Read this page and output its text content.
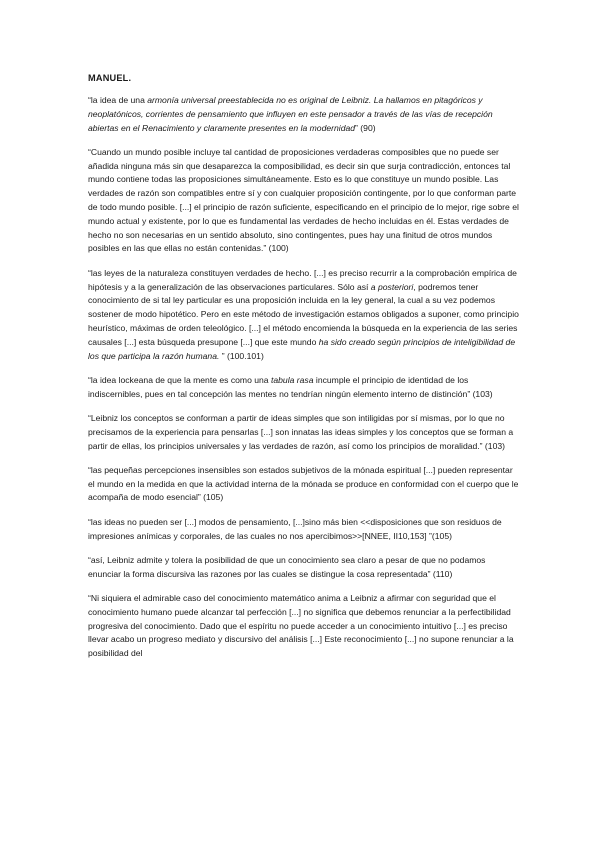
MANUEL.

“la idea de una armonía universal preestablecida no es original de Leibniz. La hallamos en pitagóricos y neoplatónicos, corrientes de pensamiento que influyen en este pensador a través de las vías de recepción abiertas en el Renacimiento y claramente presentes en la modernidad” (90)

“Cuando un mundo posible incluye tal cantidad de proposiciones verdaderas composibles que no puede ser añadida ninguna más sin que desaparezca la composibilidad, es decir sin que surja contradicción, entonces tal mundo contiene todas las proposiciones simultáneamente. Esto es lo que constituye un mundo posible. Las verdades de razón son compatibles entre sí y con cualquier proposición contingente, por lo que conforman parte de todo mundo posible. [...] el principio de razón suficiente, especificando en el principio de lo mejor, rige sobre el mundo actual y existente, por lo que es fundamental las verdades de hecho incluidas en él. Estas verdades de hecho no son necesarias en un sentido absoluto, sino contingentes, pues hay una finitud de otros mundos posibles en las que ellas no están contenidas.” (100)

“las leyes de la naturaleza constituyen verdades de hecho. [...] es preciso recurrir a la comprobación empírica de hipótesis y a la generalización de las observaciones particulares. Sólo así a posteriori, podremos tener conocimiento de si tal ley particular es una proposición incluida en la ley general, la cual a su vez podemos sostener de modo hipotético. Pero en este método de investigación estamos obligados a suponer, como principio heurístico, máximas de orden teleológico. [...] el método encomienda la búsqueda en la experiencia de las series causales [...] esta búsqueda presupone [...] que este mundo ha sido creado según principios de inteligibilidad de los que participa la razón humana. ” (100.101)

“la idea lockeana de que la mente es como una tabula rasa incumple el principio de identidad de los indiscernibles, pues en tal concepción las mentes no tendrían ningún elemento interno de distinción” (103)

“Leibniz los conceptos se conforman a partir de ideas simples que son intiligidas por sí mismas, por lo que no precisamos de la experiencia para pensarlas [...] son innatas las ideas simples y los conceptos que se forman a partir de ellas, los principios universales y las verdades de razón, así como los principios de moralidad.” (103)

“las pequeñas percepciones insensibles son estados subjetivos de la mónada espiritual [...] pueden representar el mundo en la medida en que la actividad interna de la mónada se produce en conformidad con el cuerpo que le acompaña de modo esencial” (105)

“las ideas no pueden ser [...] modos de pensamiento, [...]sino más bien <<disposiciones que son residuos de impresiones anímicas y corporales, de las cuales no nos apercibimos>>[NNEE, II10,153] ”(105)

“así, Leibniz admite y tolera la posibilidad de que un conocimiento sea claro a pesar de que no podamos enunciar la forma discursiva las razones por las cuales se distingue la cosa representada” (110)

“Ni siquiera el admirable caso del conocimiento matemático anima a Leibniz a afirmar con seguridad que el conocimiento humano puede alcanzar tal perfección [...] no significa que debemos renunciar a la perfectibilidad progresiva del conocimiento. Dado que el espíritu no puede acceder a un conocimiento intuitivo [...] es preciso llevar acabo un progreso mediato y discursivo del análisis [...] Este reconocimiento [...] no supone renunciar a la posibilidad del
